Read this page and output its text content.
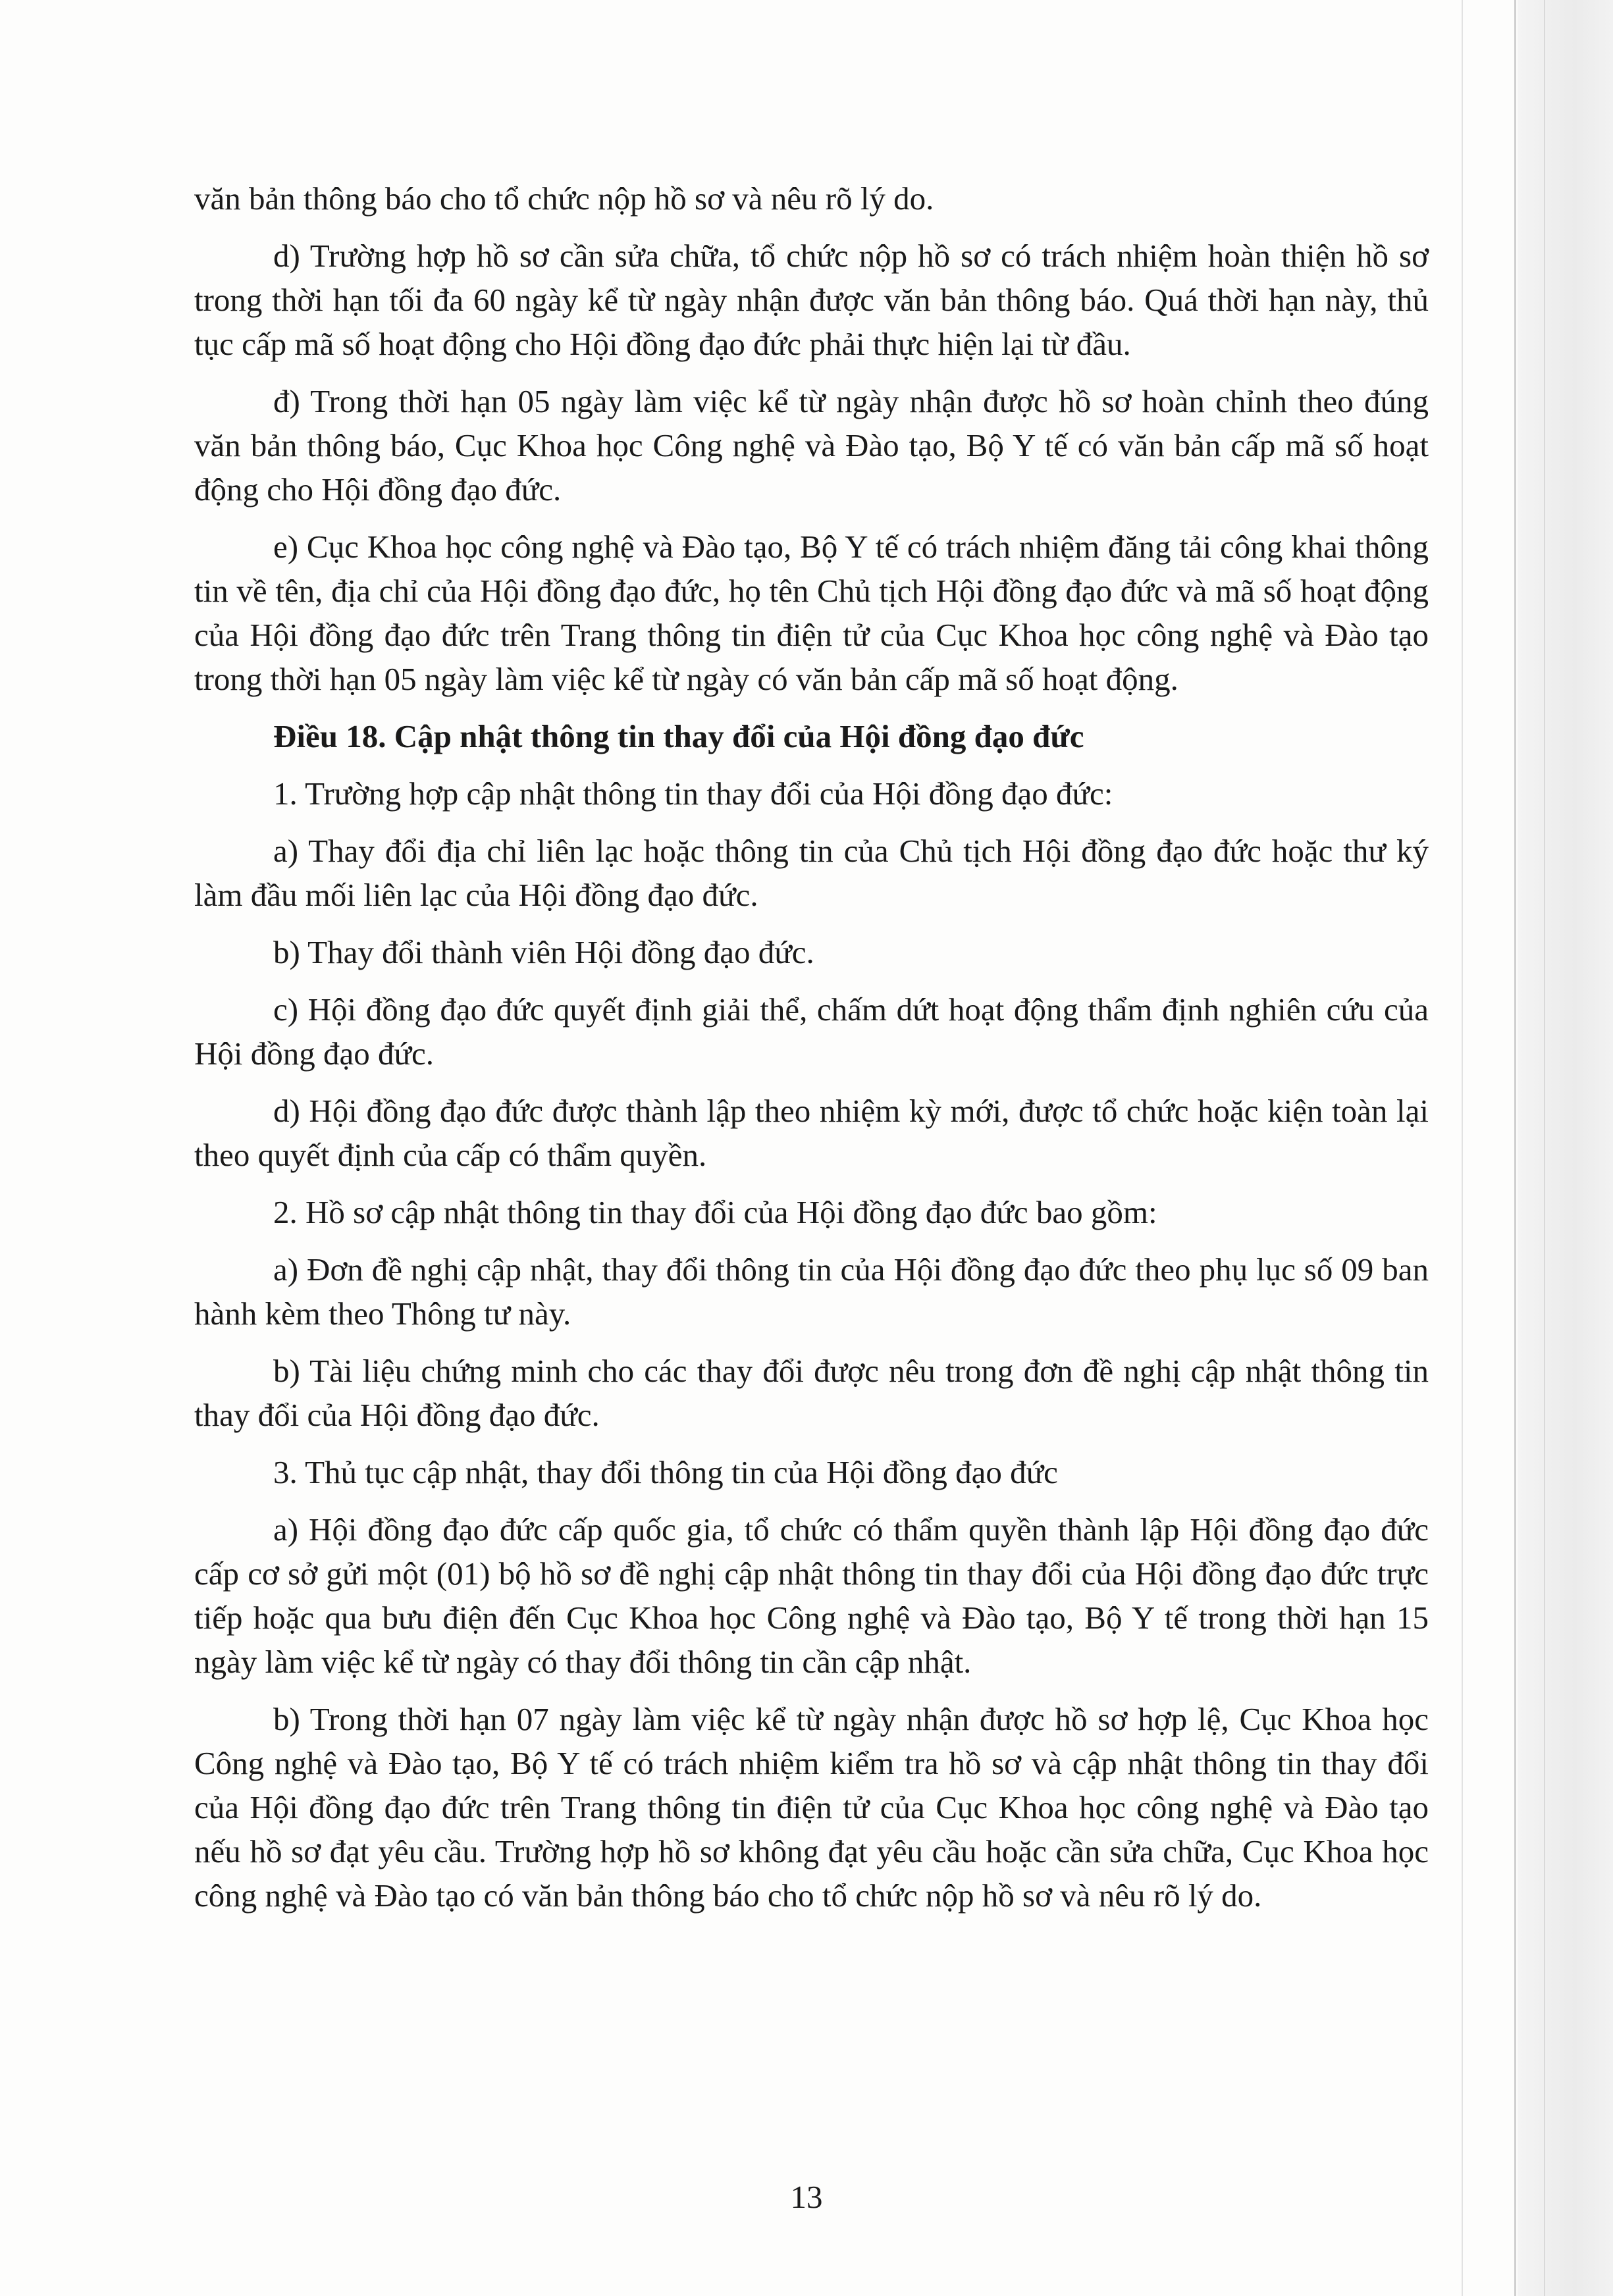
văn bản thông báo cho tổ chức nộp hồ sơ và nêu rõ lý do.

d) Trường hợp hồ sơ cần sửa chữa, tổ chức nộp hồ sơ có trách nhiệm hoàn thiện hồ sơ trong thời hạn tối đa 60 ngày kể từ ngày nhận được văn bản thông báo. Quá thời hạn này, thủ tục cấp mã số hoạt động cho Hội đồng đạo đức phải thực hiện lại từ đầu.

đ) Trong thời hạn 05 ngày làm việc kể từ ngày nhận được hồ sơ hoàn chỉnh theo đúng văn bản thông báo, Cục Khoa học Công nghệ và Đào tạo, Bộ Y tế có văn bản cấp mã số hoạt động cho Hội đồng đạo đức.

e) Cục Khoa học công nghệ và Đào tạo, Bộ Y tế có trách nhiệm đăng tải công khai thông tin về tên, địa chỉ của Hội đồng đạo đức, họ tên Chủ tịch Hội đồng đạo đức và mã số hoạt động của Hội đồng đạo đức trên Trang thông tin điện tử của Cục Khoa học công nghệ và Đào tạo trong thời hạn 05 ngày làm việc kể từ ngày có văn bản cấp mã số hoạt động.

Điều 18. Cập nhật thông tin thay đổi của Hội đồng đạo đức

1. Trường hợp cập nhật thông tin thay đổi của Hội đồng đạo đức:

a) Thay đổi địa chỉ liên lạc hoặc thông tin của Chủ tịch Hội đồng đạo đức hoặc thư ký làm đầu mối liên lạc của Hội đồng đạo đức.

b) Thay đổi thành viên Hội đồng đạo đức.

c) Hội đồng đạo đức quyết định giải thể, chấm dứt hoạt động thẩm định nghiên cứu của Hội đồng đạo đức.

d) Hội đồng đạo đức được thành lập theo nhiệm kỳ mới, được tổ chức hoặc kiện toàn lại theo quyết định của cấp có thẩm quyền.

2. Hồ sơ cập nhật thông tin thay đổi của Hội đồng đạo đức bao gồm:

a) Đơn đề nghị cập nhật, thay đổi thông tin của Hội đồng đạo đức theo phụ lục số 09 ban hành kèm theo Thông tư này.

b) Tài liệu chứng minh cho các thay đổi được nêu trong đơn đề nghị cập nhật thông tin thay đổi của Hội đồng đạo đức.

3. Thủ tục cập nhật, thay đổi thông tin của Hội đồng đạo đức

a) Hội đồng đạo đức cấp quốc gia, tổ chức có thẩm quyền thành lập Hội đồng đạo đức cấp cơ sở gửi một (01) bộ hồ sơ đề nghị cập nhật thông tin thay đổi của Hội đồng đạo đức trực tiếp hoặc qua bưu điện đến Cục Khoa học Công nghệ và Đào tạo, Bộ Y tế trong thời hạn 15 ngày làm việc kể từ ngày có thay đổi thông tin cần cập nhật.

b) Trong thời hạn 07 ngày làm việc kể từ ngày nhận được hồ sơ hợp lệ, Cục Khoa học Công nghệ và Đào tạo, Bộ Y tế có trách nhiệm kiểm tra hồ sơ và cập nhật thông tin thay đổi của Hội đồng đạo đức trên Trang thông tin điện tử của Cục Khoa học công nghệ và Đào tạo nếu hồ sơ đạt yêu cầu. Trường hợp hồ sơ không đạt yêu cầu hoặc cần sửa chữa, Cục Khoa học công nghệ và Đào tạo có văn bản thông báo cho tổ chức nộp hồ sơ và nêu rõ lý do.

13
